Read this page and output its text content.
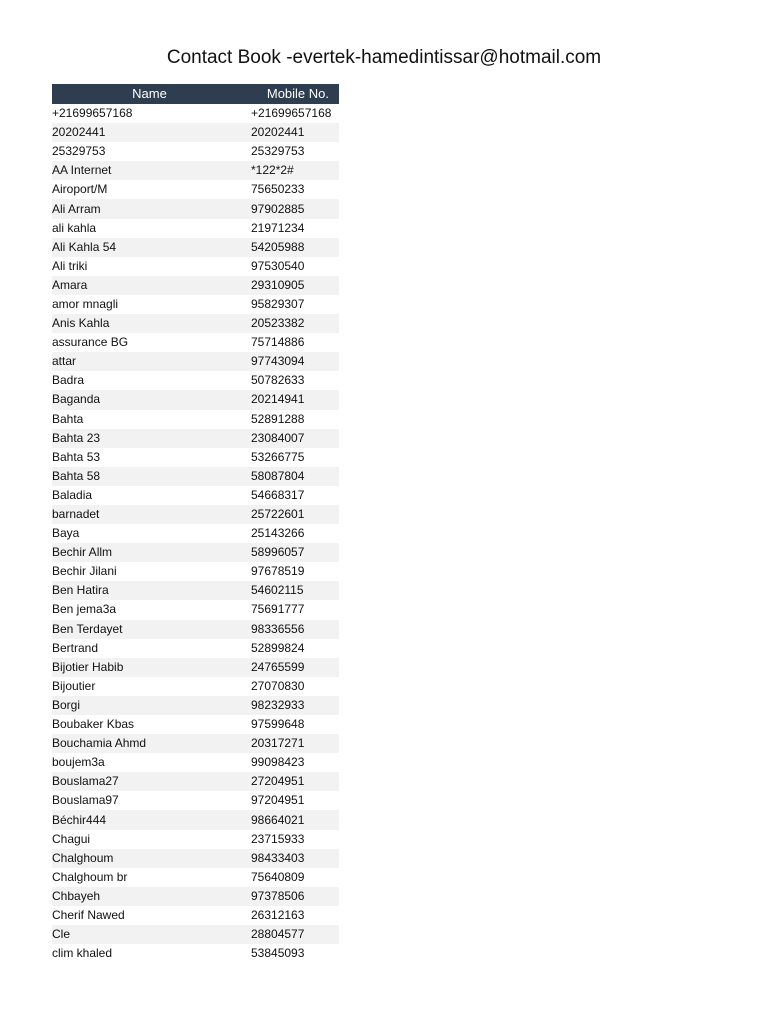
Contact Book -evertek-hamedintissar@hotmail.com
Name	Mobile No.
+21699657168	+21699657168
20202441	20202441
25329753	25329753
AA Internet	*122*2#
Airoport/M	75650233
Ali Arram	97902885
ali kahla	21971234
Ali Kahla 54	54205988
Ali triki	97530540
Amara	29310905
amor mnagli	95829307
Anis Kahla	20523382
assurance BG	75714886
attar	97743094
Badra	50782633
Baganda	20214941
Bahta	52891288
Bahta 23	23084007
Bahta 53	53266775
Bahta 58	58087804
Baladia	54668317
barnadet	25722601
Baya	25143266
Bechir Allm	58996057
Bechir Jilani	97678519
Ben Hatira	54602115
Ben jema3a	75691777
Ben Terdayet	98336556
Bertrand	52899824
Bijotier Habib	24765599
Bijoutier	27070830
Borgi	98232933
Boubaker Kbas	97599648
Bouchamia Ahmd	20317271
boujem3a	99098423
Bouslama27	27204951
Bouslama97	97204951
Béchir444	98664021
Chagui	23715933
Chalghoum	98433403
Chalghoum br	75640809
Chbayeh	97378506
Cherif Nawed	26312163
Cle	28804577
clim khaled	53845093
